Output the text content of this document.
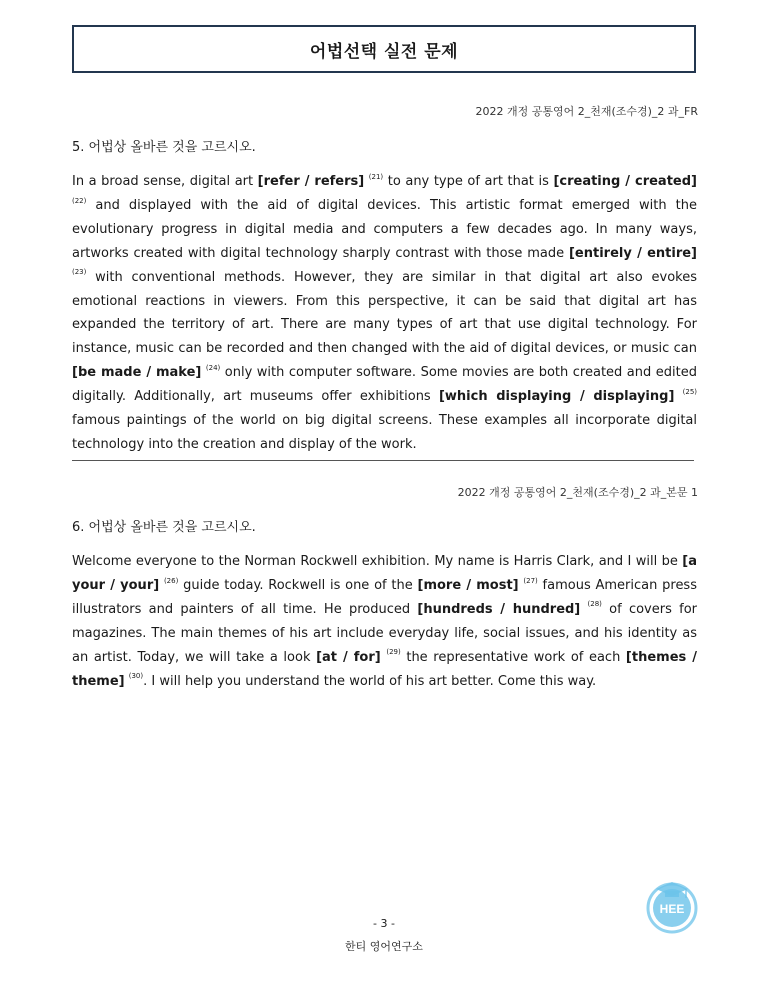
어법선택 실전 문제
2022 개정 공통영어 2_천재(조수경)_2 과_FR
5. 어법상 올바른 것을 고르시오.

In a broad sense, digital art [refer / refers] $^{(21)}$ to any type of art that is [creating / created] $^{(22)}$ and displayed with the aid of digital devices. This artistic format emerged with the evolutionary progress in digital media and computers a few decades ago. In many ways, artworks created with digital technology sharply contrast with those made [entirely / entire] $^{(23)}$ with conventional methods. However, they are similar in that digital art also evokes emotional reactions in viewers. From this perspective, it can be said that digital art has expanded the territory of art. There are many types of art that use digital technology. For instance, music can be recorded and then changed with the aid of digital devices, or music can [be made / make] $^{(24)}$ only with computer software. Some movies are both created and edited digitally. Additionally, art museums offer exhibitions [which displaying / displaying] $^{(25)}$ famous paintings of the world on big digital screens. These examples all incorporate digital technology into the creation and display of the work.

2022 개정 공통영어 2_천재(조수경)_2 과_본문 1
6. 어법상 올바른 것을 고르시오.

Welcome everyone to the Norman Rockwell exhibition. My name is Harris Clark, and I will be [a your / your] $^{(26)}$ guide today. Rockwell is one of the [more / most] $^{(27)}$ famous American press illustrators and painters of all time. He produced [hundreds / hundred] $^{(28)}$ of covers for magazines. The main themes of his art include everyday life, social issues, and his identity as an artist. Today, we will take a look [at / for] $^{(29)}$ the representative work of each [themes / theme] $^{(30)}$. I will help you understand the world of his art better. Come this way.

- 3 -
한티 영어연구소
HEE
